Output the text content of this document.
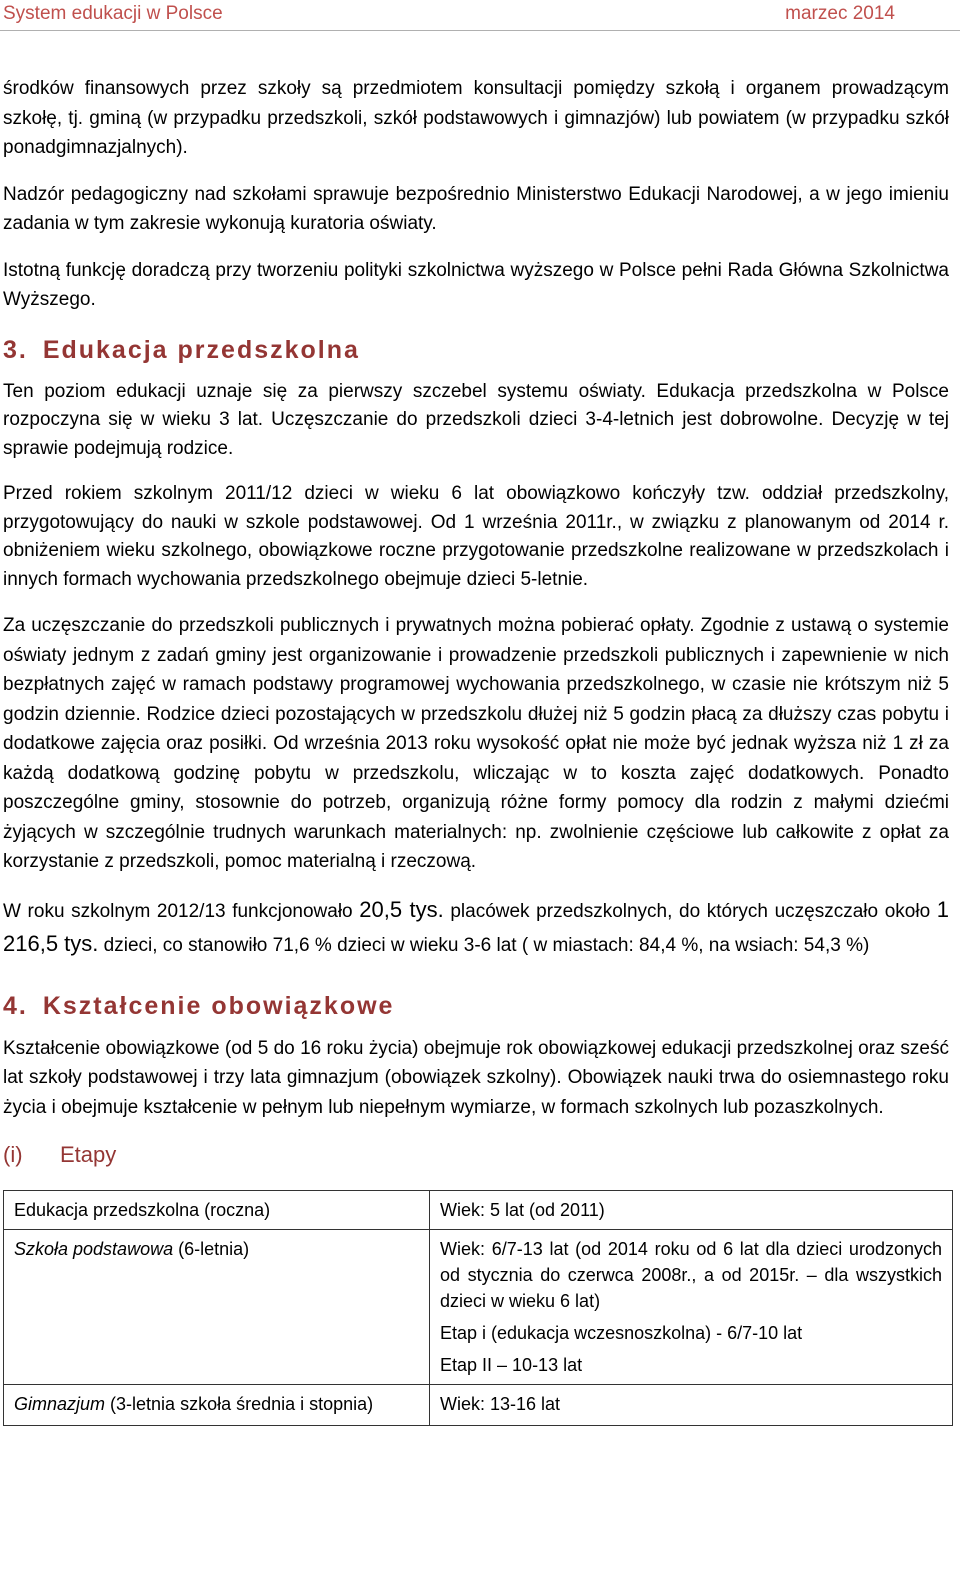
System edukacji w Polsce	marzec 2014

środków finansowych przez szkoły są przedmiotem konsultacji pomiędzy szkołą i organem prowadzącym szkołę, tj. gminą (w przypadku przedszkoli, szkół podstawowych i gimnazjów) lub powiatem (w przypadku szkół ponadgimnazjalnych).

Nadzór pedagogiczny nad szkołami sprawuje bezpośrednio Ministerstwo Edukacji Narodowej, a w jego imieniu zadania w tym zakresie wykonują kuratoria oświaty.

Istotną funkcję doradczą przy tworzeniu polityki szkolnictwa wyższego w Polsce pełni Rada Główna Szkolnictwa Wyższego.

3. Edukacja przedszkolna

Ten poziom edukacji uznaje się za pierwszy szczebel systemu oświaty. Edukacja przedszkolna w Polsce rozpoczyna się w wieku 3 lat. Uczęszczanie do przedszkoli dzieci 3-4-letnich jest dobrowolne. Decyzję w tej sprawie podejmują rodzice.

Przed rokiem szkolnym 2011/12 dzieci w wieku 6 lat obowiązkowo kończyły tzw. oddział przedszkolny, przygotowujący do nauki w szkole podstawowej. Od 1 września 2011r., w związku z planowanym od 2014 r. obniżeniem wieku szkolnego, obowiązkowe roczne przygotowanie przedszkolne realizowane w przedszkolach i innych formach wychowania przedszkolnego obejmuje dzieci 5-letnie.

Za uczęszczanie do przedszkoli publicznych i prywatnych można pobierać opłaty. Zgodnie z ustawą o systemie oświaty jednym z zadań gminy jest organizowanie i prowadzenie przedszkoli publicznych i zapewnienie w nich bezpłatnych zajęć w ramach podstawy programowej wychowania przedszkolnego, w czasie nie krótszym niż 5 godzin dziennie. Rodzice dzieci pozostających w przedszkolu dłużej niż 5 godzin płacą za dłuższy czas pobytu i dodatkowe zajęcia oraz posiłki. Od września 2013 roku wysokość opłat nie może być jednak wyższa niż 1 zł za każdą dodatkową godzinę pobytu w przedszkolu, wliczając w to koszta zajęć dodatkowych. Ponadto poszczególne gminy, stosownie do potrzeb, organizują różne formy pomocy dla rodzin z małymi dziećmi żyjących w szczególnie trudnych warunkach materialnych: np. zwolnienie częściowe lub całkowite z opłat za korzystanie z przedszkoli, pomoc materialną i rzeczową.

W roku szkolnym 2012/13 funkcjonowało 20,5 tys. placówek przedszkolnych, do których uczęszczało około 1 216,5 tys. dzieci, co stanowiło 71,6 % dzieci w wieku 3-6 lat ( w miastach: 84,4 %, na wsiach: 54,3 %)

4. Kształcenie obowiązkowe

Kształcenie obowiązkowe (od 5 do 16 roku życia) obejmuje rok obowiązkowej edukacji przedszkolnej oraz sześć lat szkoły podstawowej i trzy lata gimnazjum (obowiązek szkolny). Obowiązek nauki trwa do osiemnastego roku życia i obejmuje kształcenie w pełnym lub niepełnym wymiarze, w formach szkolnych lub pozaszkolnych.

(i) Etapy
Edukacja przedszkolna (roczna)	Wiek: 5 lat (od 2011)
Szkoła podstawowa (6-letnia)	Wiek: 6/7-13 lat (od 2014 roku od 6 lat dla dzieci urodzonych od stycznia do czerwca 2008r., a od 2015r. – dla wszystkich dzieci w wieku 6 lat)

Etap i (edukacja wczesnoszkolna) - 6/7-10 lat

Etap II – 10-13 lat

Gimnazjum (3-letnia szkoła średnia i stopnia)	Wiek: 13-16 lat
